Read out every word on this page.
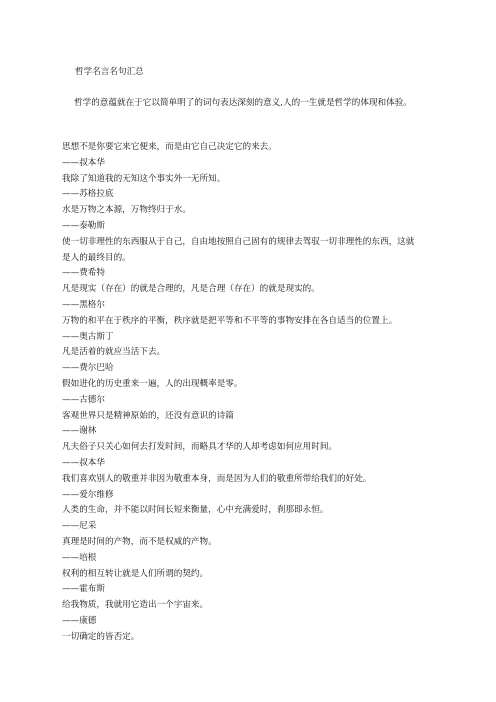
哲学名言名句汇总
哲学的意蕴就在于它以简单明了的词句表达深刻的意义,人的一生就是哲学的体现和体验。
思想不是你要它来它便来，而是由它自己决定它的来去。
——叔本华
我除了知道我的无知这个事实外一无所知。
——苏格拉底
水是万物之本源，万物终归于水。
——泰勒斯
使一切非理性的东西服从于自己，自由地按照自己固有的规律去驾驭一切非理性的东西，这就是人的最终目的。
——费希特
凡是现实（存在）的就是合理的，凡是合理（存在）的就是现实的。
——黑格尔
万物的和平在于秩序的平衡，秩序就是把平等和不平等的事物安排在各自适当的位置上。
——奥古斯丁
凡是活着的就应当活下去。
——费尔巴哈
假如进化的历史重来一遍，人的出现概率是零。
——古德尔
客观世界只是精神原始的，还没有意识的诗篇
——谢林
凡夫俗子只关心如何去打发时间，而略具才华的人却考虑如何应用时间。
——叔本华
我们喜欢别人的敬重并非因为敬重本身，而是因为人们的敬重所带给我们的好处。
——爱尔维修
人类的生命，并不能以时间长短来衡量，心中充满爱时，刹那即永恒。
——尼采
真理是时间的产物，而不是权威的产物。
——培根
权利的相互转让就是人们所谓的契约。
——霍布斯
给我物质，我就用它造出一个宇宙来。
——康德
一切确定的皆否定。
